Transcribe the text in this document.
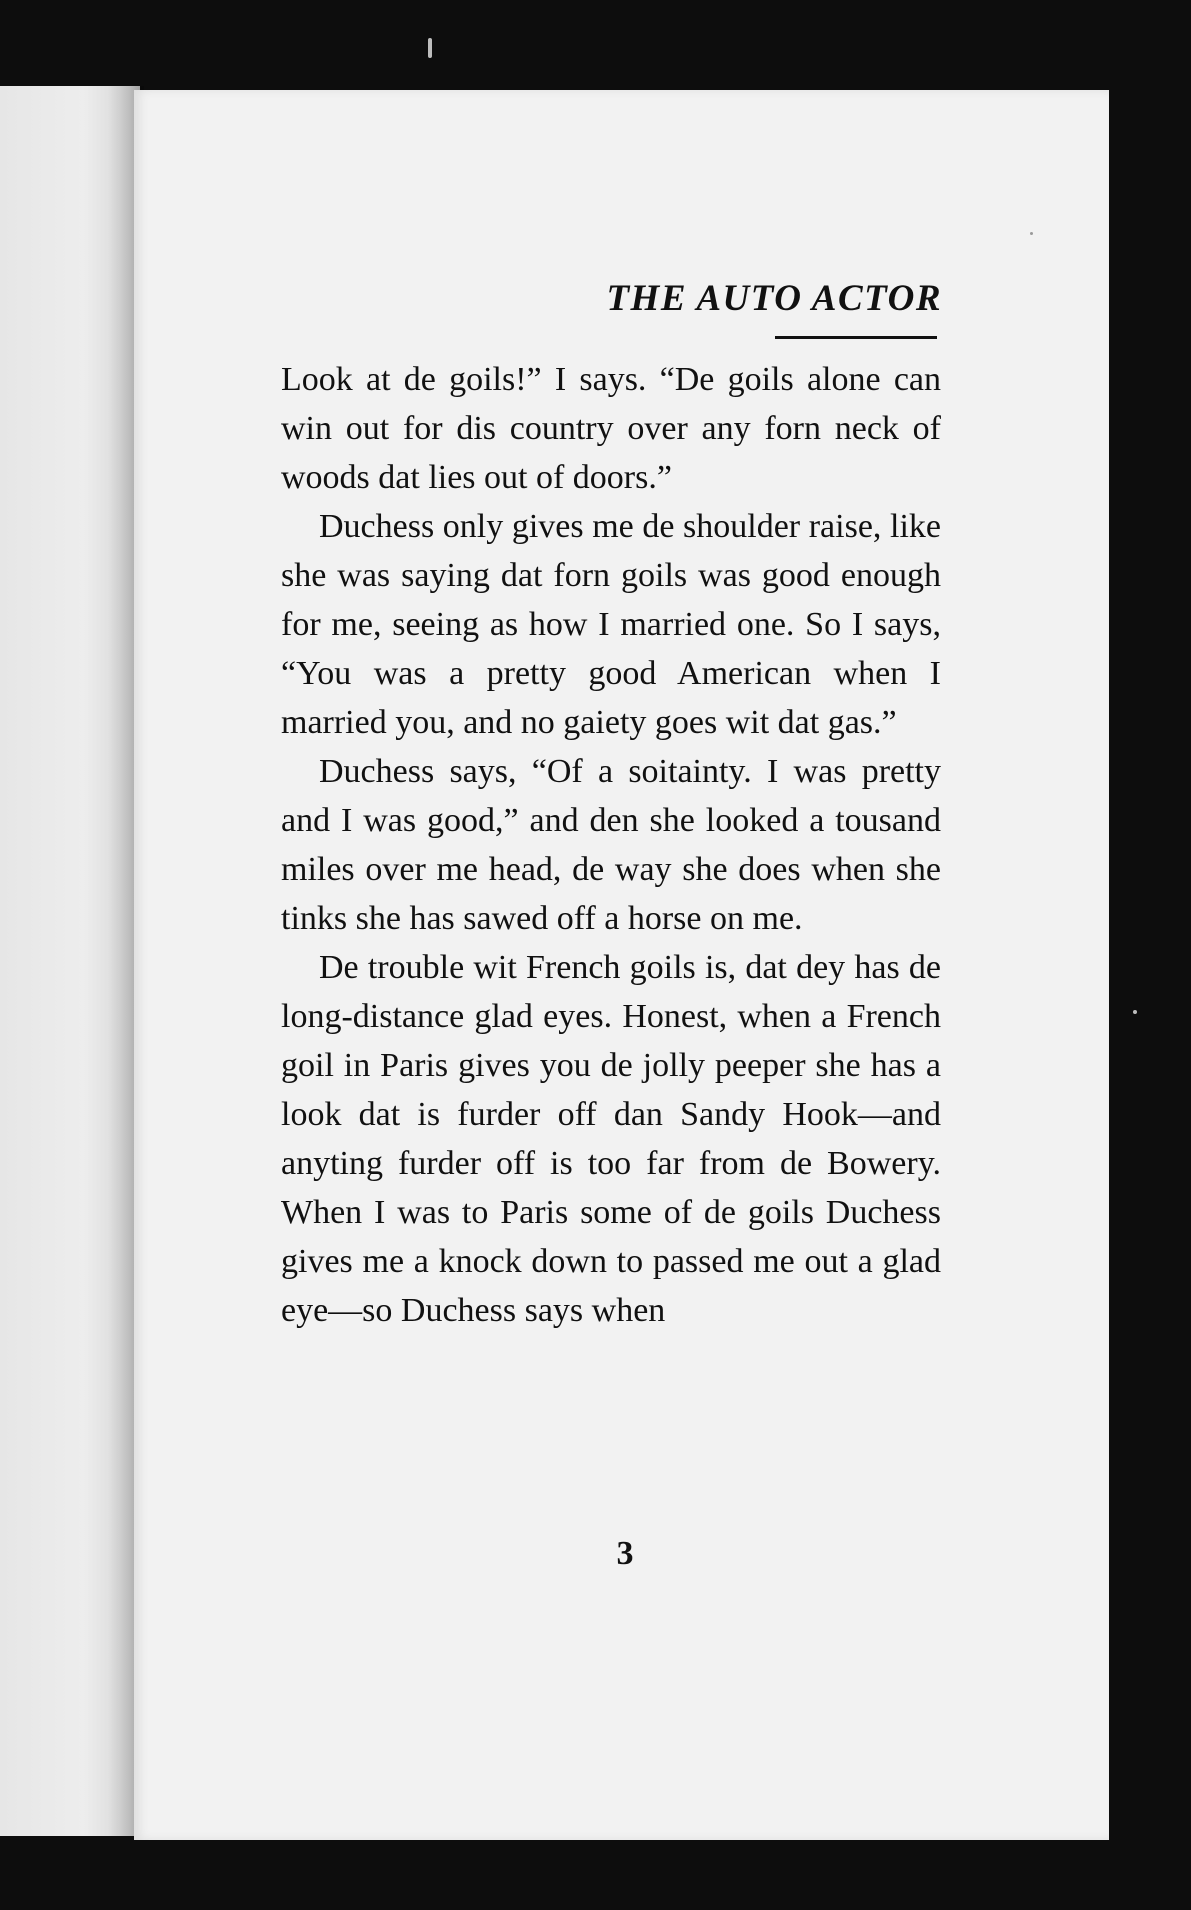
THE AUTO ACTOR

Look at de goils!” I says. “De goils alone can win out for dis country over any forn neck of woods dat lies out of doors.”

Duchess only gives me de shoulder raise, like she was saying dat forn goils was good enough for me, seeing as how I married one. So I says, “You was a pretty good American when I married you, and no gaiety goes wit dat gas.”

Duchess says, “Of a soitainty. I was pretty and I was good,” and den she looked a tousand miles over me head, de way she does when she tinks she has sawed off a horse on me.

De trouble wit French goils is, dat dey has de long-distance glad eyes. Honest, when a French goil in Paris gives you de jolly peeper she has a look dat is furder off dan Sandy Hook—and anyting furder off is too far from de Bowery. When I was to Paris some of de goils Duchess gives me a knock down to passed me out a glad eye—so Duchess says when

3
